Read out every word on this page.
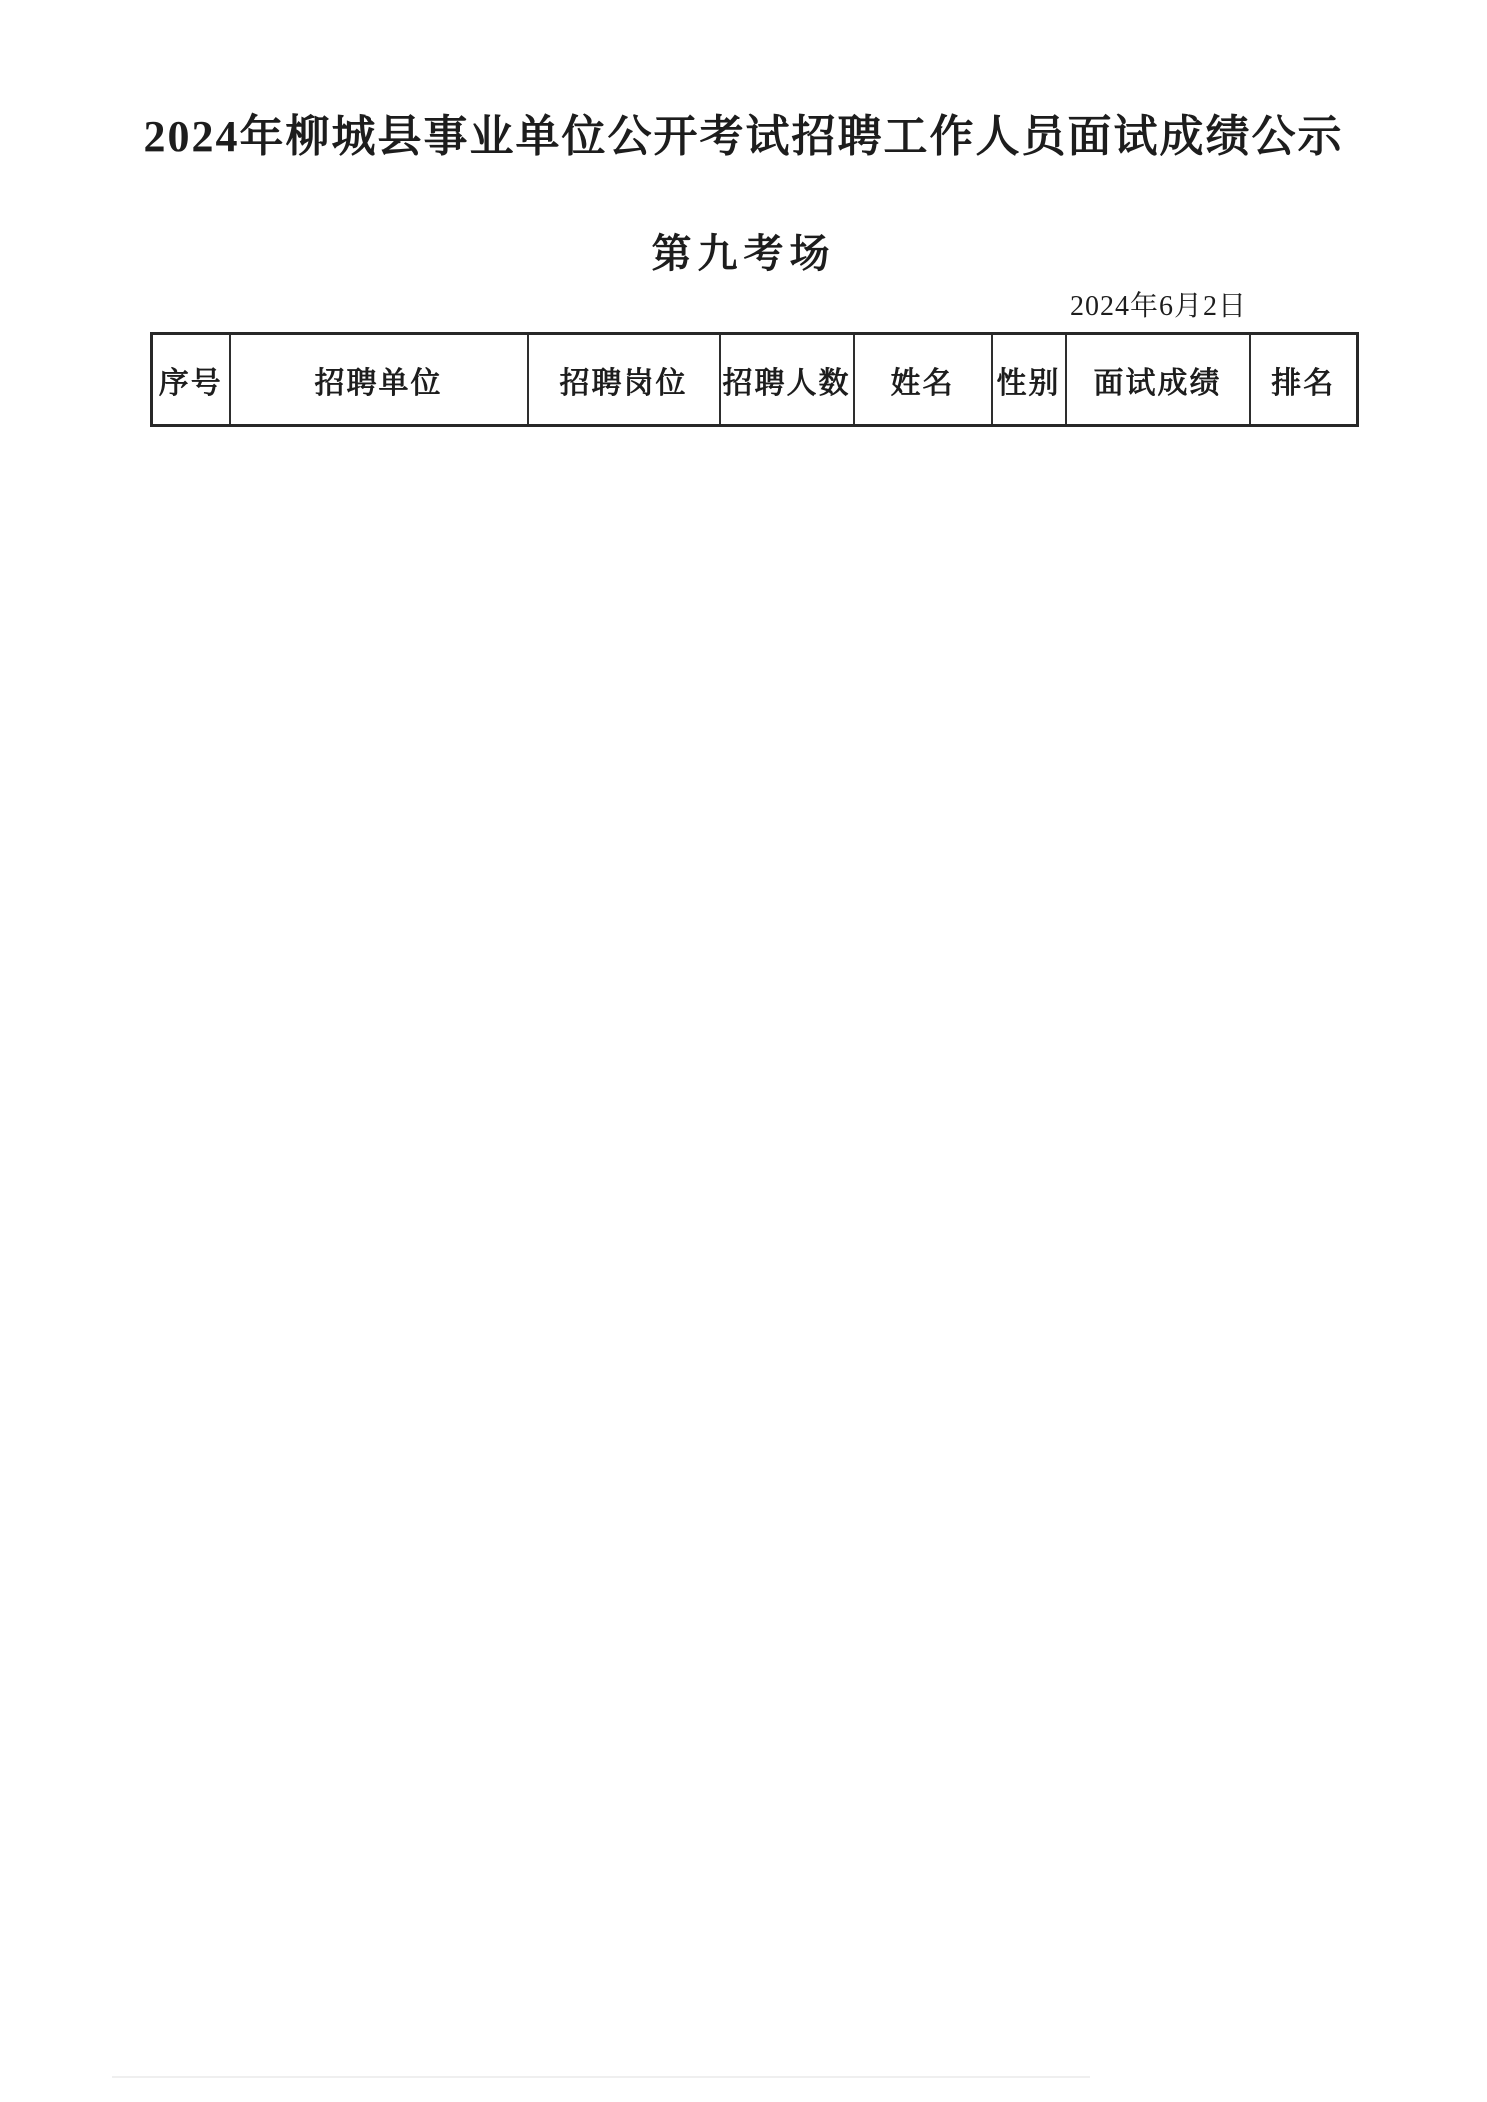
2024年柳城县事业单位公开考试招聘工作人员面试成绩公示
第九考场
2024年6月2日
序号	招聘单位	招聘岗位	招聘人数	姓名	性别	面试成绩	排名
